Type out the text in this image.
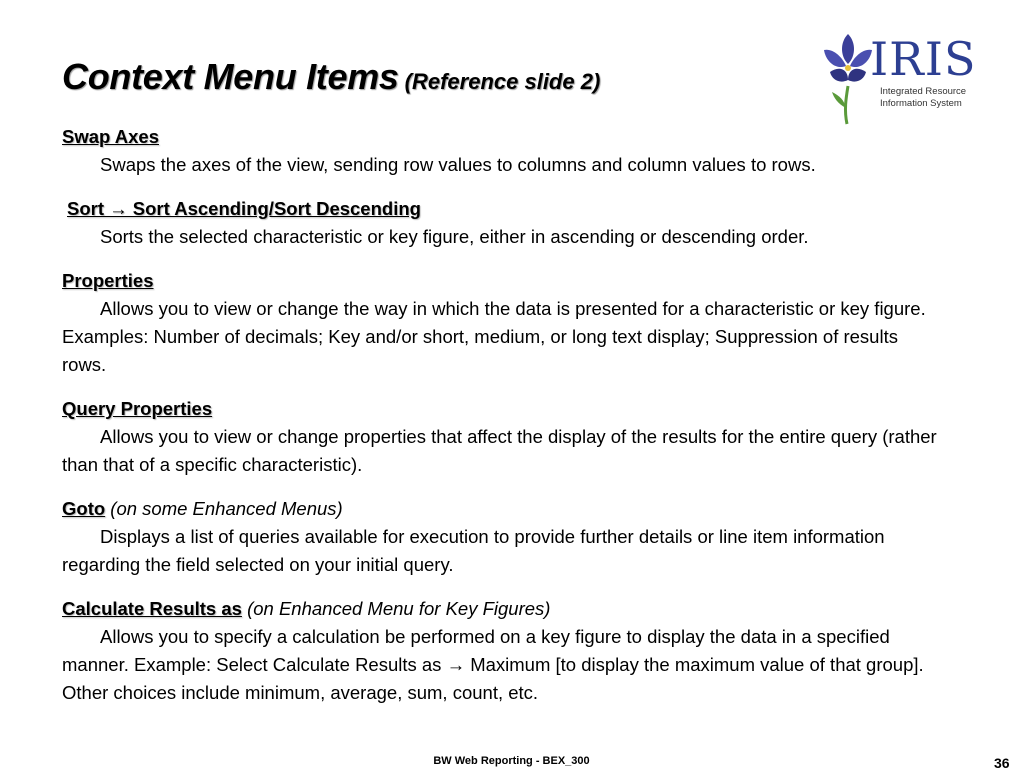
Context Menu Items (Reference slide 2)	IRIS
Integrated Resource
Information System
Swap Axes
Swaps the axes of the view, sending row values to columns and column values to rows.
Sort → Sort Ascending/Sort Descending
Sorts the selected characteristic or key figure, either in ascending or descending order.
Properties
Allows you to view or change the way in which the data is presented for a characteristic or key figure. Examples: Number of decimals; Key and/or short, medium, or long text display; Suppression of results rows.
Query Properties
Allows you to view or change properties that affect the display of the results for the entire query (rather than that of a specific characteristic).
Goto (on some Enhanced Menus)
Displays a list of queries available for execution to provide further details or line item information regarding the field selected on your initial query.
Calculate Results as (on Enhanced Menu for Key Figures)
Allows you to specify a calculation be performed on a key figure to display the data in a specified manner. Example: Select Calculate Results as → Maximum [to display the maximum value of that group]. Other choices include minimum, average, sum, count, etc.
BW Web Reporting - BEX_300	36
